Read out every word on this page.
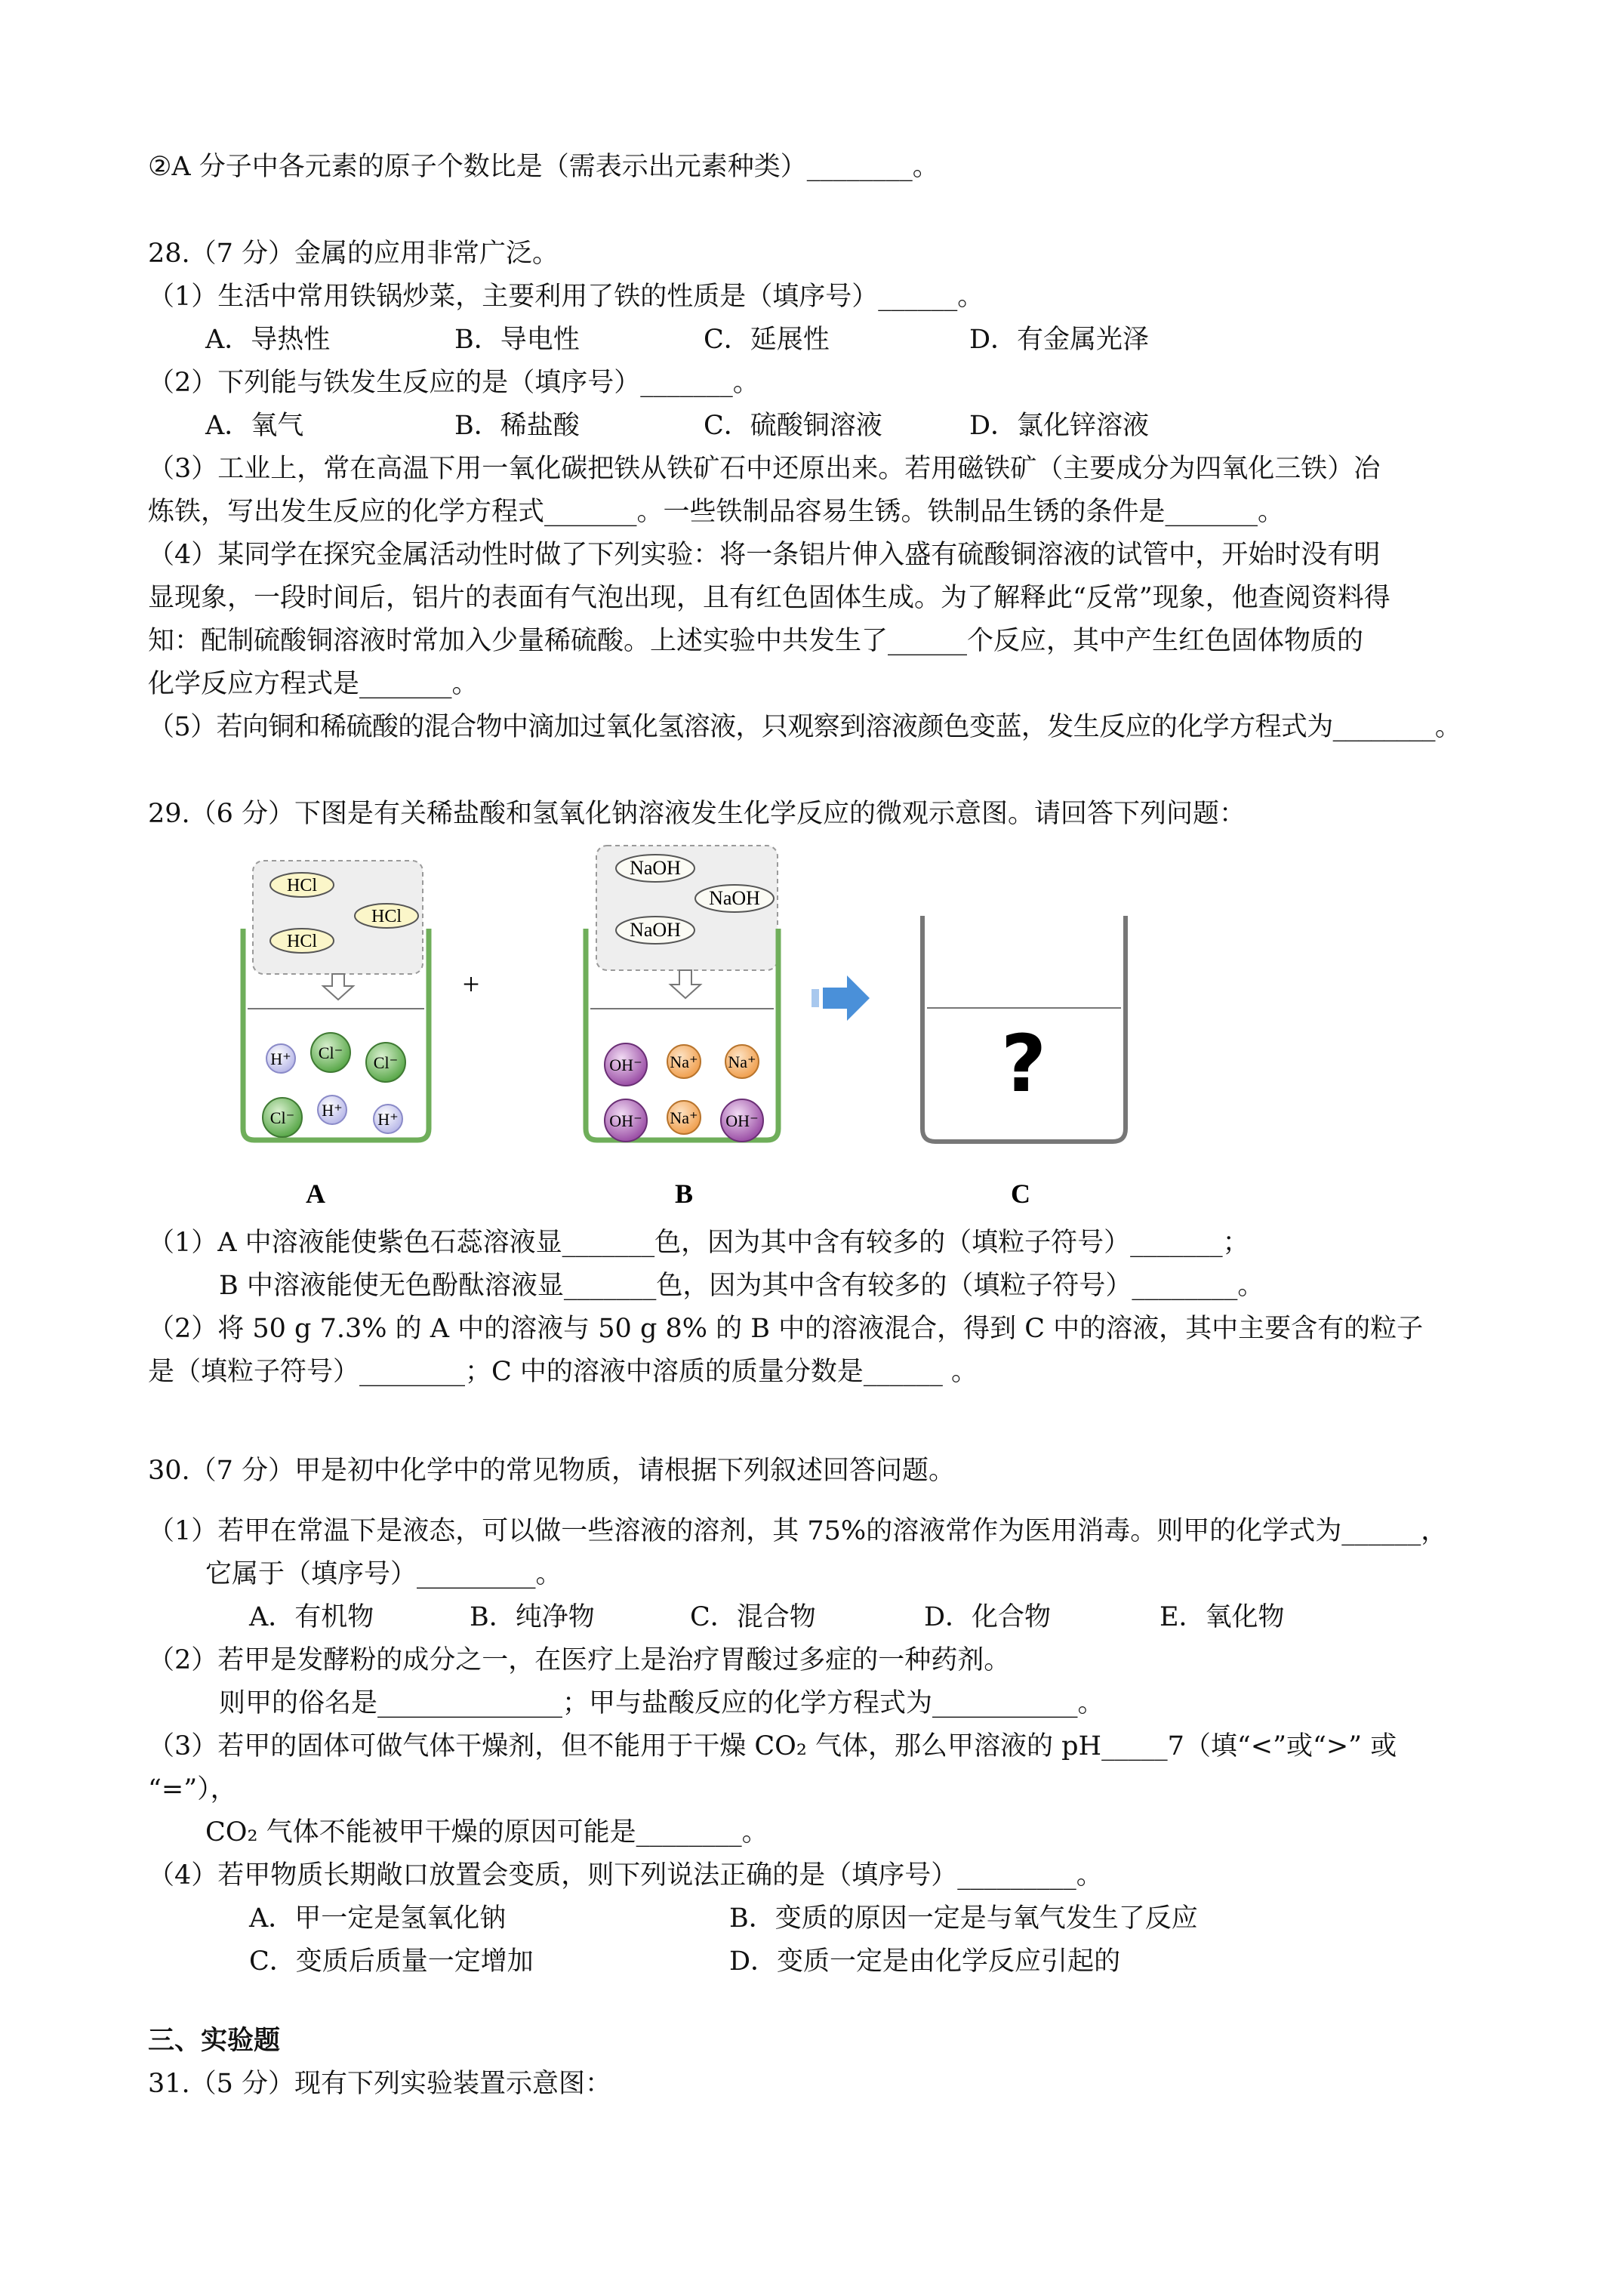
②A 分子中各元素的原子个数比是（需表示出元素种类）________。
28.（7 分）金属的应用非常广泛。
（1）生活中常用铁锅炒菜，主要利用了铁的性质是（填序号）______。
A．导热性	B．导电性	C．延展性	D．有金属光泽
（2）下列能与铁发生反应的是（填序号）_______。
A．氧气	B．稀盐酸	C．硫酸铜溶液	D．氯化锌溶液
（3）工业上，常在高温下用一氧化碳把铁从铁矿石中还原出来。若用磁铁矿（主要成分为四氧化三铁）冶
炼铁，写出发生反应的化学方程式_______。一些铁制品容易生锈。铁制品生锈的条件是_______。
（4）某同学在探究金属活动性时做了下列实验：将一条铝片伸入盛有硫酸铜溶液的试管中，开始时没有明
显现象，一段时间后，铝片的表面有气泡出现，且有红色固体生成。为了解释此“反常”现象，他查阅资料得
知：配制硫酸铜溶液时常加入少量稀硫酸。上述实验中共发生了______个反应，其中产生红色固体物质的
化学反应方程式是_______。
（5）若向铜和稀硫酸的混合物中滴加过氧化氢溶液，只观察到溶液颜色变蓝，发生反应的化学方程式为________。
29.（6 分）下图是有关稀盐酸和氢氧化钠溶液发生化学反应的微观示意图。请回答下列问题：
HCl
HCl
HCl
H⁺ Cl⁻
Cl⁻
Cl⁻ H⁺ H⁺
+
NaOH
NaOH
NaOH
OH⁻ Na⁺ Na⁺
OH⁻ Na⁺ OH⁻
?
A	B	C
（1）A 中溶液能使紫色石蕊溶液显_______色，因为其中含有较多的（填粒子符号）_______；
B 中溶液能使无色酚酞溶液显_______色，因为其中含有较多的（填粒子符号）________。
（2）将 50 g 7.3% 的 A 中的溶液与 50 g 8% 的 B 中的溶液混合，得到 C 中的溶液，其中主要含有的粒子
是（填粒子符号）________；C 中的溶液中溶质的质量分数是______ 。
30.（7 分）甲是初中化学中的常见物质，请根据下列叙述回答问题。
（1）若甲在常温下是液态，可以做一些溶液的溶剂，其 75%的溶液常作为医用消毒。则甲的化学式为______，
它属于（填序号）_________。
A．有机物	B．纯净物	C．混合物	D．化合物	E．氧化物
（2）若甲是发酵粉的成分之一，在医疗上是治疗胃酸过多症的一种药剂。
则甲的俗名是______________；甲与盐酸反应的化学方程式为___________。
（3）若甲的固体可做气体干燥剂，但不能用于干燥 CO₂ 气体，那么甲溶液的 pH_____7（填“<”或“>” 或
“=”），
CO₂ 气体不能被甲干燥的原因可能是________。
（4）若甲物质长期敞口放置会变质，则下列说法正确的是（填序号）_________。
A．甲一定是氢氧化钠	B．变质的原因一定是与氧气发生了反应
C．变质后质量一定增加	D．变质一定是由化学反应引起的
三、实验题
31.（5 分）现有下列实验装置示意图：
